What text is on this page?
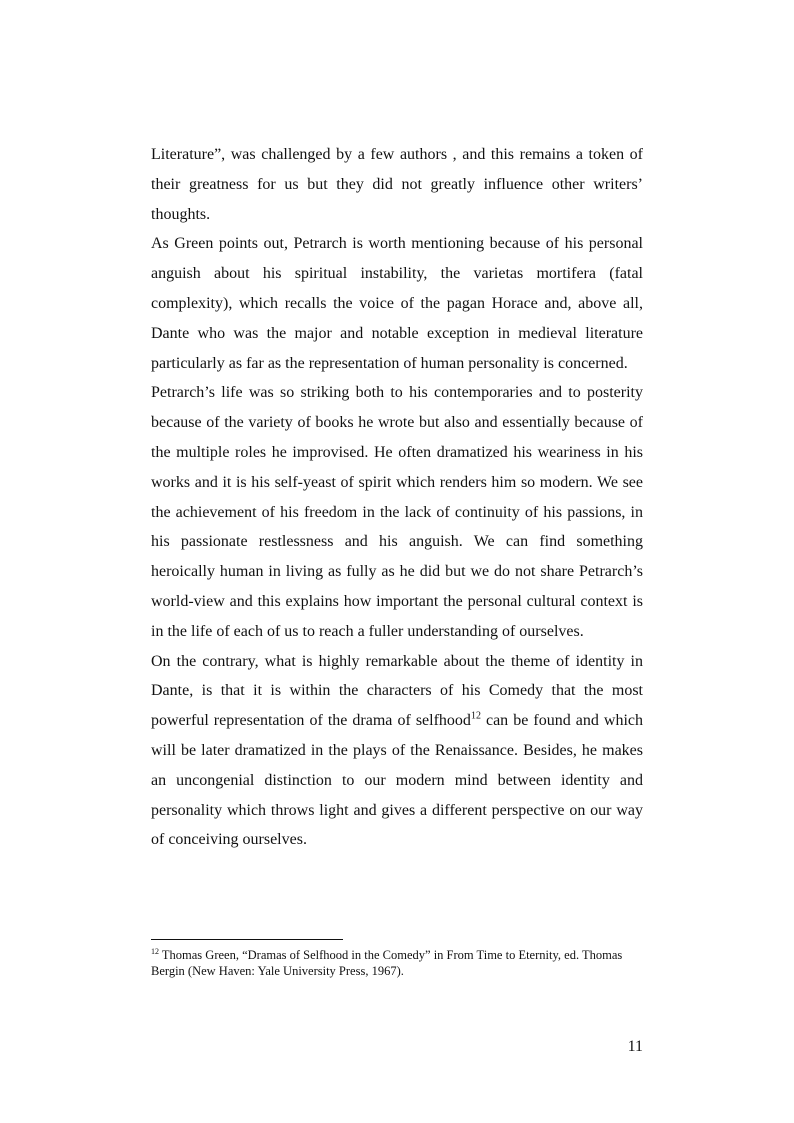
Literature”, was challenged by a few authors , and this remains a token of their greatness for us but they did not greatly influence other writers’ thoughts.

As Green points out, Petrarch is worth mentioning because of his personal anguish about his spiritual instability, the varietas mortifera (fatal complexity), which recalls the voice of the pagan Horace and, above all, Dante who was the major and notable exception in medieval literature particularly as far as the representation of human personality is concerned.

Petrarch’s life was so striking both to his contemporaries and to posterity because of the variety of books he wrote but also and essentially because of the multiple roles he improvised. He often dramatized his weariness in his works and it is his self-yeast of spirit which renders him so modern. We see the achievement of his freedom in the lack of continuity of his passions, in his passionate restlessness and his anguish. We can find something heroically human in living as fully as he did but we do not share Petrarch’s world-view and this explains how important the personal cultural context is in the life of each of us to reach a fuller understanding of ourselves.

On the contrary, what is highly remarkable about the theme of identity in Dante, is that it is within the characters of his Comedy that the most powerful representation of the drama of selfhood$^{12}$ can be found and which will be later dramatized in the plays of the Renaissance. Besides, he makes an uncongenial distinction to our modern mind between identity and personality which throws light and gives a different perspective on our way of conceiving ourselves.

$^{12}$ Thomas Green, “Dramas of Selfhood in the Comedy” in From Time to Eternity, ed. Thomas Bergin (New Haven: Yale University Press, 1967).

11
